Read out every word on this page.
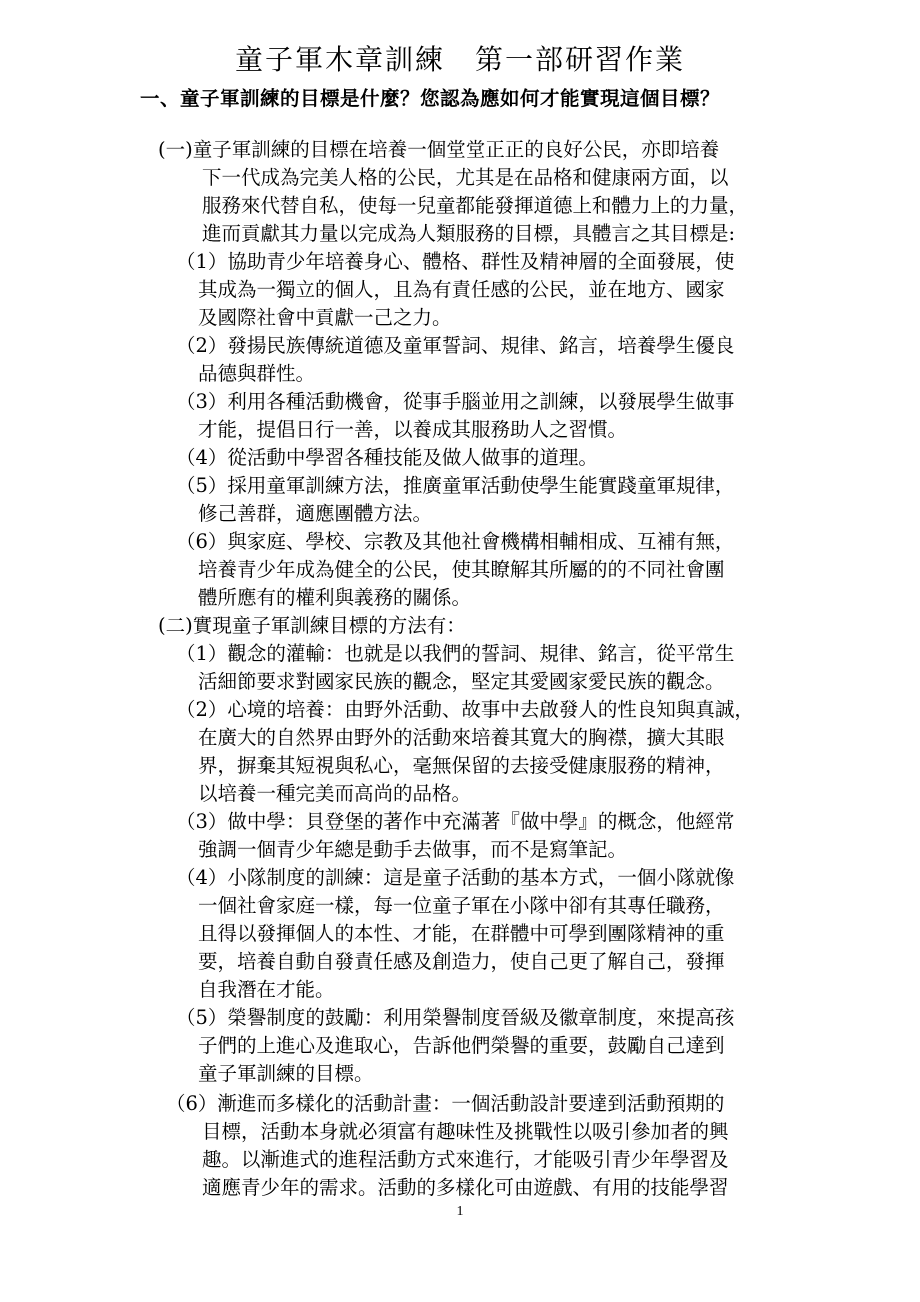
童子軍木章訓練　第一部研習作業
一、童子軍訓練的目標是什麼？您認為應如何才能實現這個目標？
(一)童子軍訓練的目標在培養一個堂堂正正的良好公民，亦即培養
下一代成為完美人格的公民，尤其是在品格和健康兩方面，以
服務來代替自私，使每一兒童都能發揮道德上和體力上的力量，
進而貢獻其力量以完成為人類服務的目標，具體言之其目標是:
（1）協助青少年培養身心、體格、群性及精神層的全面發展，使
其成為一獨立的個人，且為有責任感的公民，並在地方、國家
及國際社會中貢獻一己之力。
（2）發揚民族傳統道德及童軍誓詞、規律、銘言，培養學生優良
品德與群性。
（3）利用各種活動機會，從事手腦並用之訓練，以發展學生做事
才能，提倡日行一善，以養成其服務助人之習慣。
（4）從活動中學習各種技能及做人做事的道理。
（5）採用童軍訓練方法，推廣童軍活動使學生能實踐童軍規律，
修己善群，適應團體方法。
（6）與家庭、學校、宗教及其他社會機構相輔相成、互補有無，
培養青少年成為健全的公民，使其瞭解其所屬的的不同社會團
體所應有的權利與義務的關係。
(二)實現童子軍訓練目標的方法有：
（1）觀念的灌輸：也就是以我們的誓詞、規律、銘言，從平常生
活細節要求對國家民族的觀念，堅定其愛國家愛民族的觀念。
（2）心境的培養：由野外活動、故事中去啟發人的性良知與真誠，
在廣大的自然界由野外的活動來培養其寬大的胸襟，擴大其眼
界，摒棄其短視與私心，毫無保留的去接受健康服務的精神，
以培養一種完美而高尚的品格。
（3）做中學：貝登堡的著作中充滿著『做中學』的概念，他經常
強調一個青少年總是動手去做事，而不是寫筆記。
（4）小隊制度的訓練：這是童子活動的基本方式，一個小隊就像
一個社會家庭一樣，每一位童子軍在小隊中卻有其專任職務，
且得以發揮個人的本性、才能，在群體中可學到團隊精神的重
要，培養自動自發責任感及創造力，使自己更了解自己，發揮
自我潛在才能。
（5）榮譽制度的鼓勵：利用榮譽制度晉級及徽章制度，來提高孩
子們的上進心及進取心，告訴他們榮譽的重要，鼓勵自己達到
童子軍訓練的目標。
（6）漸進而多樣化的活動計畫：一個活動設計要達到活動預期的
目標，活動本身就必須富有趣味性及挑戰性以吸引參加者的興
趣。以漸進式的進程活動方式來進行，才能吸引青少年學習及
適應青少年的需求。活動的多樣化可由遊戲、有用的技能學習
1
